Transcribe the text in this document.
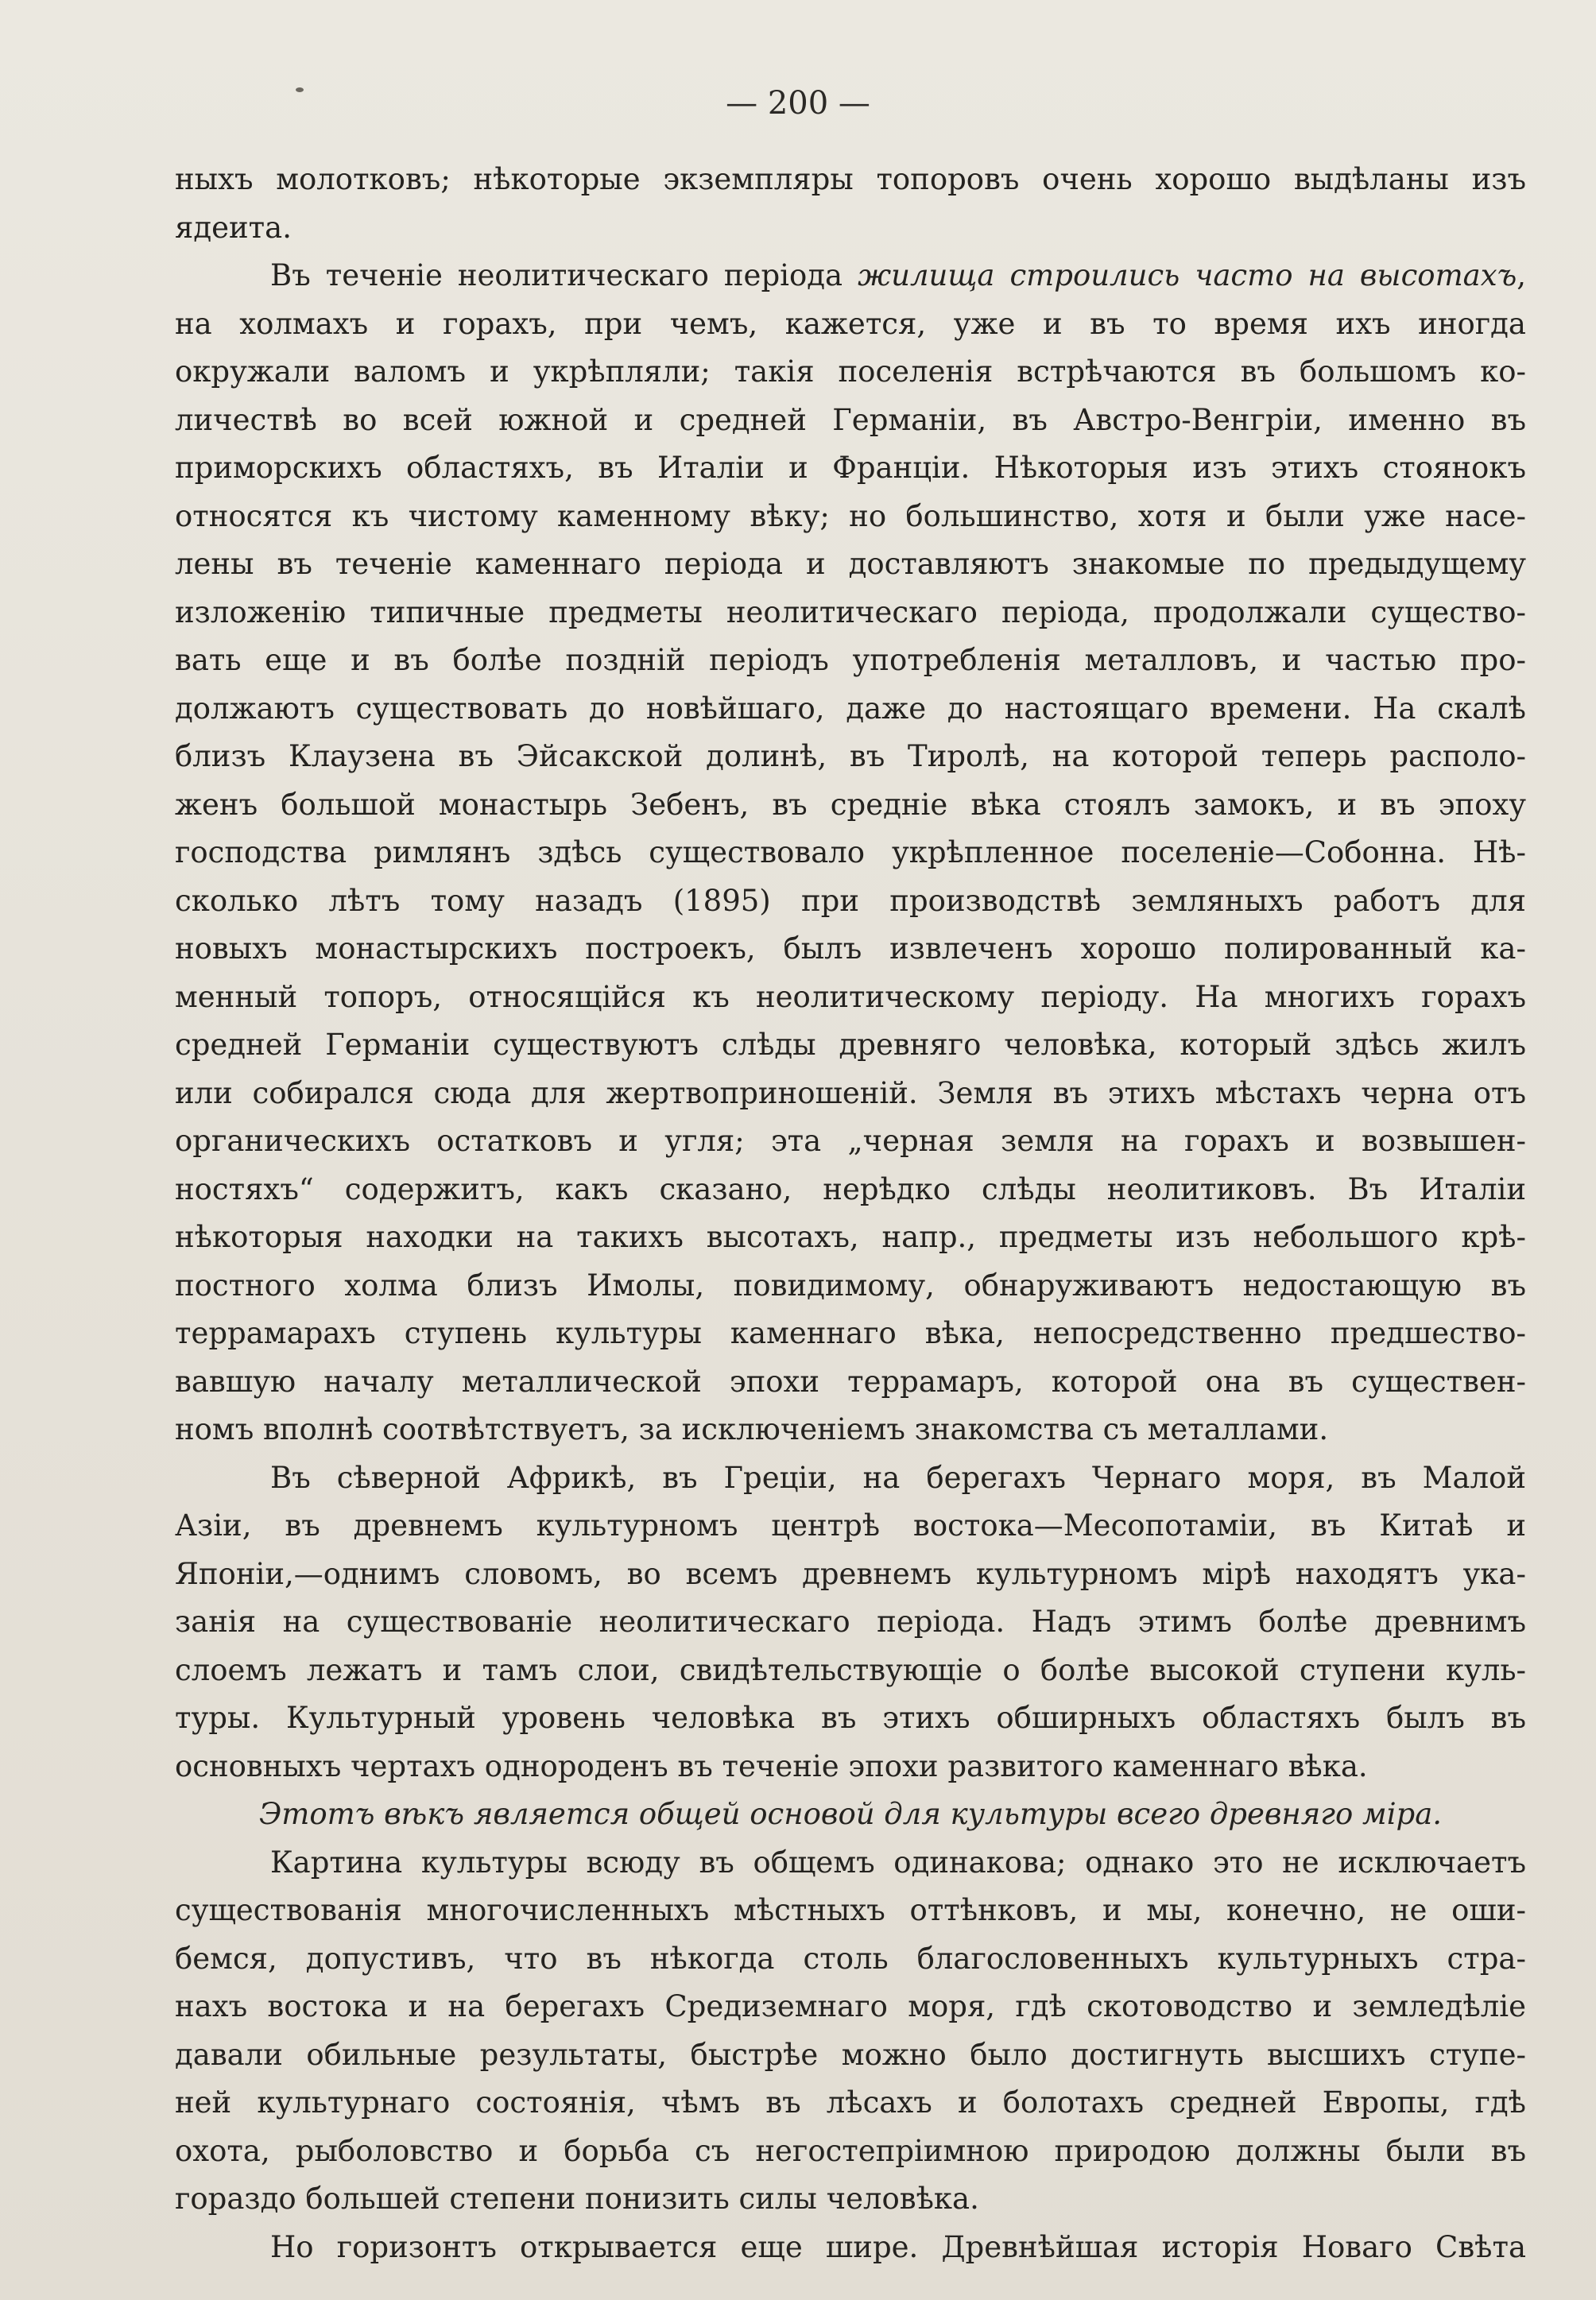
— 200 —

ныхъ молотковъ; нѣкоторые экземпляры топоровъ очень хорошо выдѣланы изъ
ядеита.

Въ теченіе неолитическаго періода жилища строились часто на высотахъ,
на холмахъ и горахъ, при чемъ, кажется, уже и въ то время ихъ иногда
окружали валомъ и укрѣпляли; такія поселенія встрѣчаются въ большомъ ко-
личествѣ во всей южной и средней Германіи, въ Австро-Венгріи, именно въ
приморскихъ областяхъ, въ Италіи и Франціи. Нѣкоторыя изъ этихъ стоянокъ
относятся къ чистому каменному вѣку; но большинство, хотя и были уже насе-
лены въ теченіе каменнаго періода и доставляютъ знакомые по предыдущему
изложенію типичные предметы неолитическаго періода, продолжали существо-
вать еще и въ болѣе поздній періодъ употребленія металловъ, и частью про-
должаютъ существовать до новѣйшаго, даже до настоящаго времени. На скалѣ
близъ Клаузена въ Эйсакской долинѣ, въ Тиролѣ, на которой теперь располо-
женъ большой монастырь Зебенъ, въ средніе вѣка стоялъ замокъ, и въ эпоху
господства римлянъ здѣсь существовало укрѣпленное поселеніе—Собонна. Нѣ-
сколько лѣтъ тому назадъ (1895) при производствѣ земляныхъ работъ для
новыхъ монастырскихъ построекъ, былъ извлеченъ хорошо полированный ка-
менный топоръ, относящійся къ неолитическому періоду. На многихъ горахъ
средней Германіи существуютъ слѣды древняго человѣка, который здѣсь жилъ
или собирался сюда для жертвоприношеній. Земля въ этихъ мѣстахъ черна отъ
органическихъ остатковъ и угля; эта „черная земля на горахъ и возвышен-
ностяхъ“ содержитъ, какъ сказано, нерѣдко слѣды неолитиковъ. Въ Италіи
нѣкоторыя находки на такихъ высотахъ, напр., предметы изъ небольшого крѣ-
постного холма близъ Имолы, повидимому, обнаруживаютъ недостающую въ
террамарахъ ступень культуры каменнаго вѣка, непосредственно предшество-
вавшую началу металлической эпохи террамаръ, которой она въ существен-
номъ вполнѣ соотвѣтствуетъ, за исключеніемъ знакомства съ металлами.

Въ сѣверной Африкѣ, въ Греціи, на берегахъ Чернаго моря, въ Малой
Азіи, въ древнемъ культурномъ центрѣ востока—Месопотаміи, въ Китаѣ и
Японіи,—однимъ словомъ, во всемъ древнемъ культурномъ мірѣ находятъ ука-
занія на существованіе неолитическаго періода. Надъ этимъ болѣе древнимъ
слоемъ лежатъ и тамъ слои, свидѣтельствующіе о болѣе высокой ступени куль-
туры. Культурный уровень человѣка въ этихъ обширныхъ областяхъ былъ въ
основныхъ чертахъ однороденъ въ теченіе эпохи развитого каменнаго вѣка.

Этотъ вѣкъ является общей основой для культуры всего древняго міра.

Картина культуры всюду въ общемъ одинакова; однако это не исключаетъ
существованія многочисленныхъ мѣстныхъ оттѣнковъ, и мы, конечно, не оши-
бемся, допустивъ, что въ нѣкогда столь благословенныхъ культурныхъ стра-
нахъ востока и на берегахъ Средиземнаго моря, гдѣ скотоводство и земледѣліе
давали обильные результаты, быстрѣе можно было достигнуть высшихъ ступе-
ней культурнаго состоянія, чѣмъ въ лѣсахъ и болотахъ средней Европы, гдѣ
охота, рыболовство и борьба съ негостепріимною природою должны были въ
гораздо большей степени понизить силы человѣка.

Но горизонтъ открывается еще шире. Древнѣйшая исторія Новаго Свѣта
